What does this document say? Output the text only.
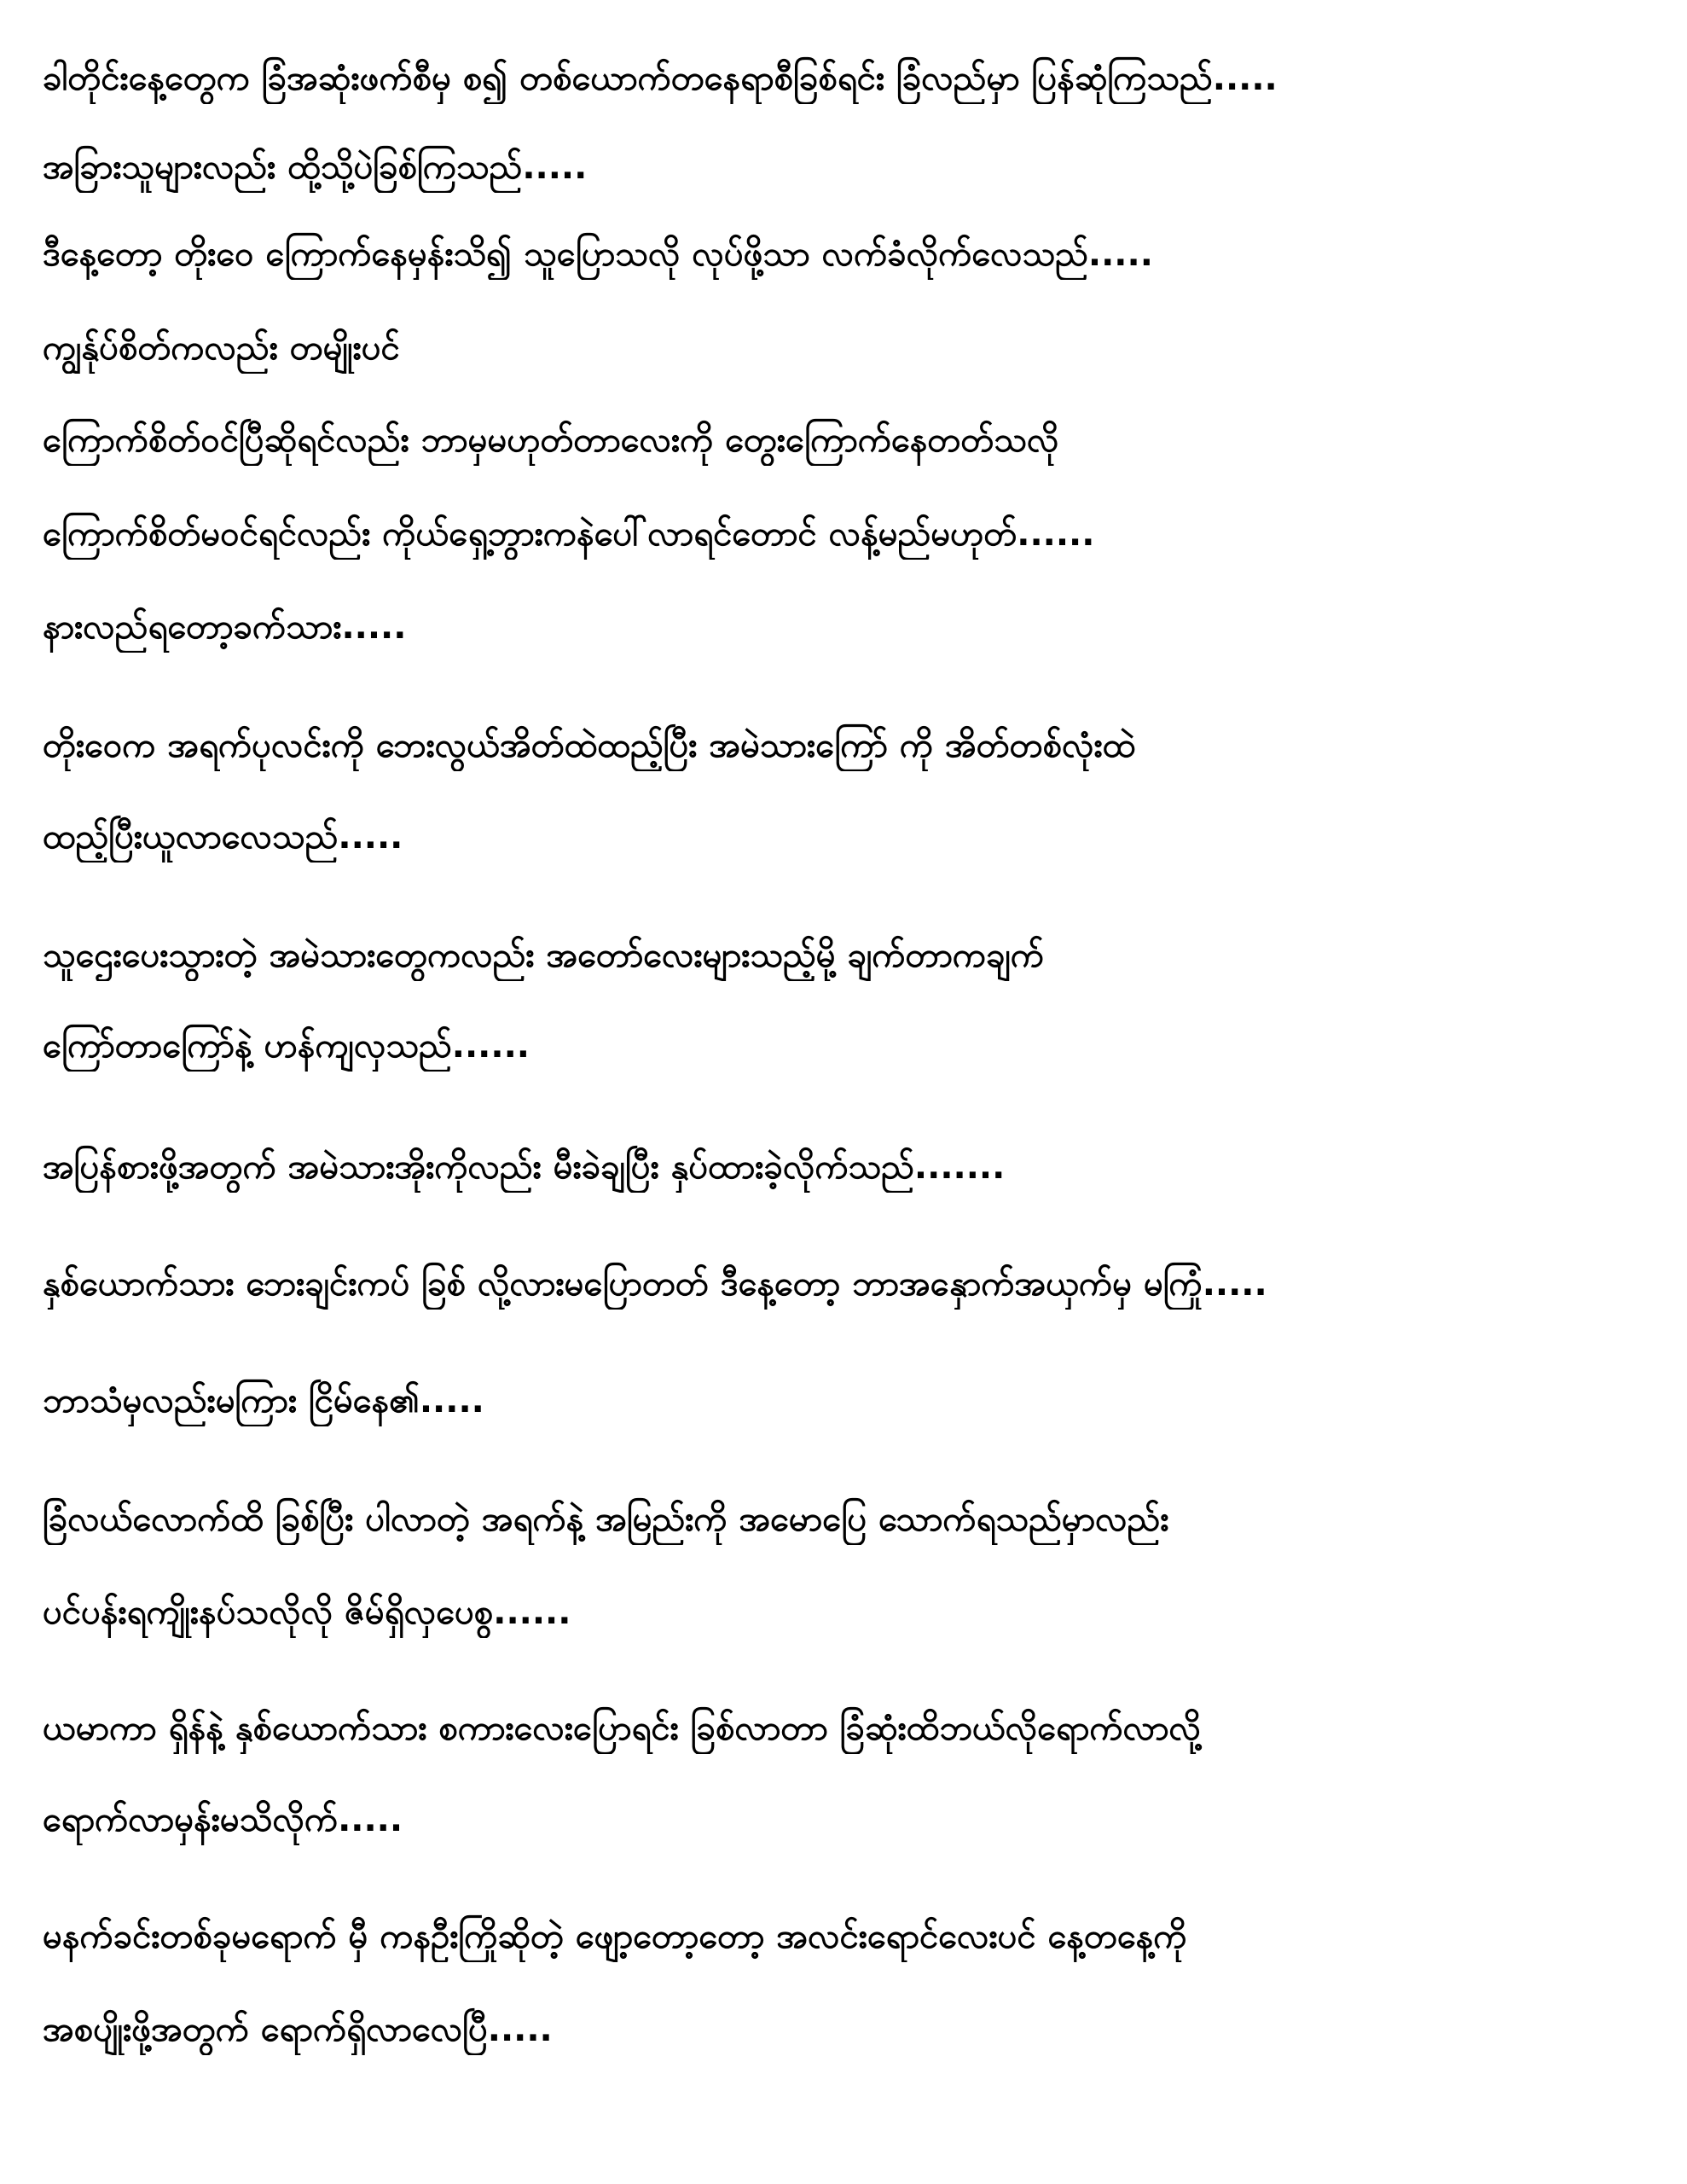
ခါတိုင်းနေ့တွေက ခြံအဆုံးဖက်စီမှ စ၍ တစ်ယောက်တနေရာစီခြစ်ရင်း ခြံလည်မှာ ပြန်ဆုံကြသည်.....
အခြားသူများလည်း ထို့သို့ပဲခြစ်ကြသည်.....
ဒီနေ့တော့ တိုးဝေ ကြောက်နေမှန်းသိ၍ သူပြောသလို လုပ်ဖို့သာ လက်ခံလိုက်လေသည်.....
ကျွန်ုပ်စိတ်ကလည်း တမျိုးပင်
ကြောက်စိတ်ဝင်ပြီဆိုရင်လည်း ဘာမှမဟုတ်တာလေးကို တွေးကြောက်နေတတ်သလို
ကြောက်စိတ်မဝင်ရင်လည်း ကိုယ်ရှေ့ဘွားကနဲပေါ်လာရင်တောင် လန့်မည်မဟုတ်......
နားလည်ရတော့ခက်သား.....
တိုးဝေက အရက်ပုလင်းကို ဘေးလွယ်အိတ်ထဲထည့်ပြီး အမဲသားကြော် ကို အိတ်တစ်လုံးထဲ
ထည့်ပြီးယူလာလေသည်.....
သူဌေးပေးသွားတဲ့ အမဲသားတွေကလည်း အတော်လေးများသည့်မို့ ချက်တာကချက်
ကြော်တာကြော်နဲ့ ဟန်ကျလှသည်......
အပြန်စားဖို့အတွက် အမဲသားအိုးကိုလည်း မီးခဲချပြီး နှပ်ထားခဲ့လိုက်သည်.......
နှစ်ယောက်သား ဘေးချင်းကပ် ခြစ် လို့လားမပြောတတ် ဒီနေ့တော့ ဘာအနှောက်အယှက်မှ မကြုံ.....
ဘာသံမှလည်းမကြား ငြိမ်နေ၏.....
ခြံလယ်လောက်ထိ ခြစ်ပြီး ပါလာတဲ့ အရက်နဲ့ အမြည်းကို အမောပြေ သောက်ရသည်မှာလည်း
ပင်ပန်းရကျိုးနပ်သလိုလို ဇိမ်ရှိလှပေစွ......
ယမာကာ ရှိန်နဲ့ နှစ်ယောက်သား စကားလေးပြောရင်း ခြစ်လာတာ ခြံဆုံးထိဘယ်လိုရောက်လာလို့
ရောက်လာမှန်းမသိလိုက်.....
မနက်ခင်းတစ်ခုမရောက် မှီ ကနဦးကြိုဆိုတဲ့ ဖျော့တော့တော့ အလင်းရောင်လေးပင် နေ့တနေ့ကို
အစပျိုးဖို့အတွက် ရောက်ရှိလာလေပြီ.....
